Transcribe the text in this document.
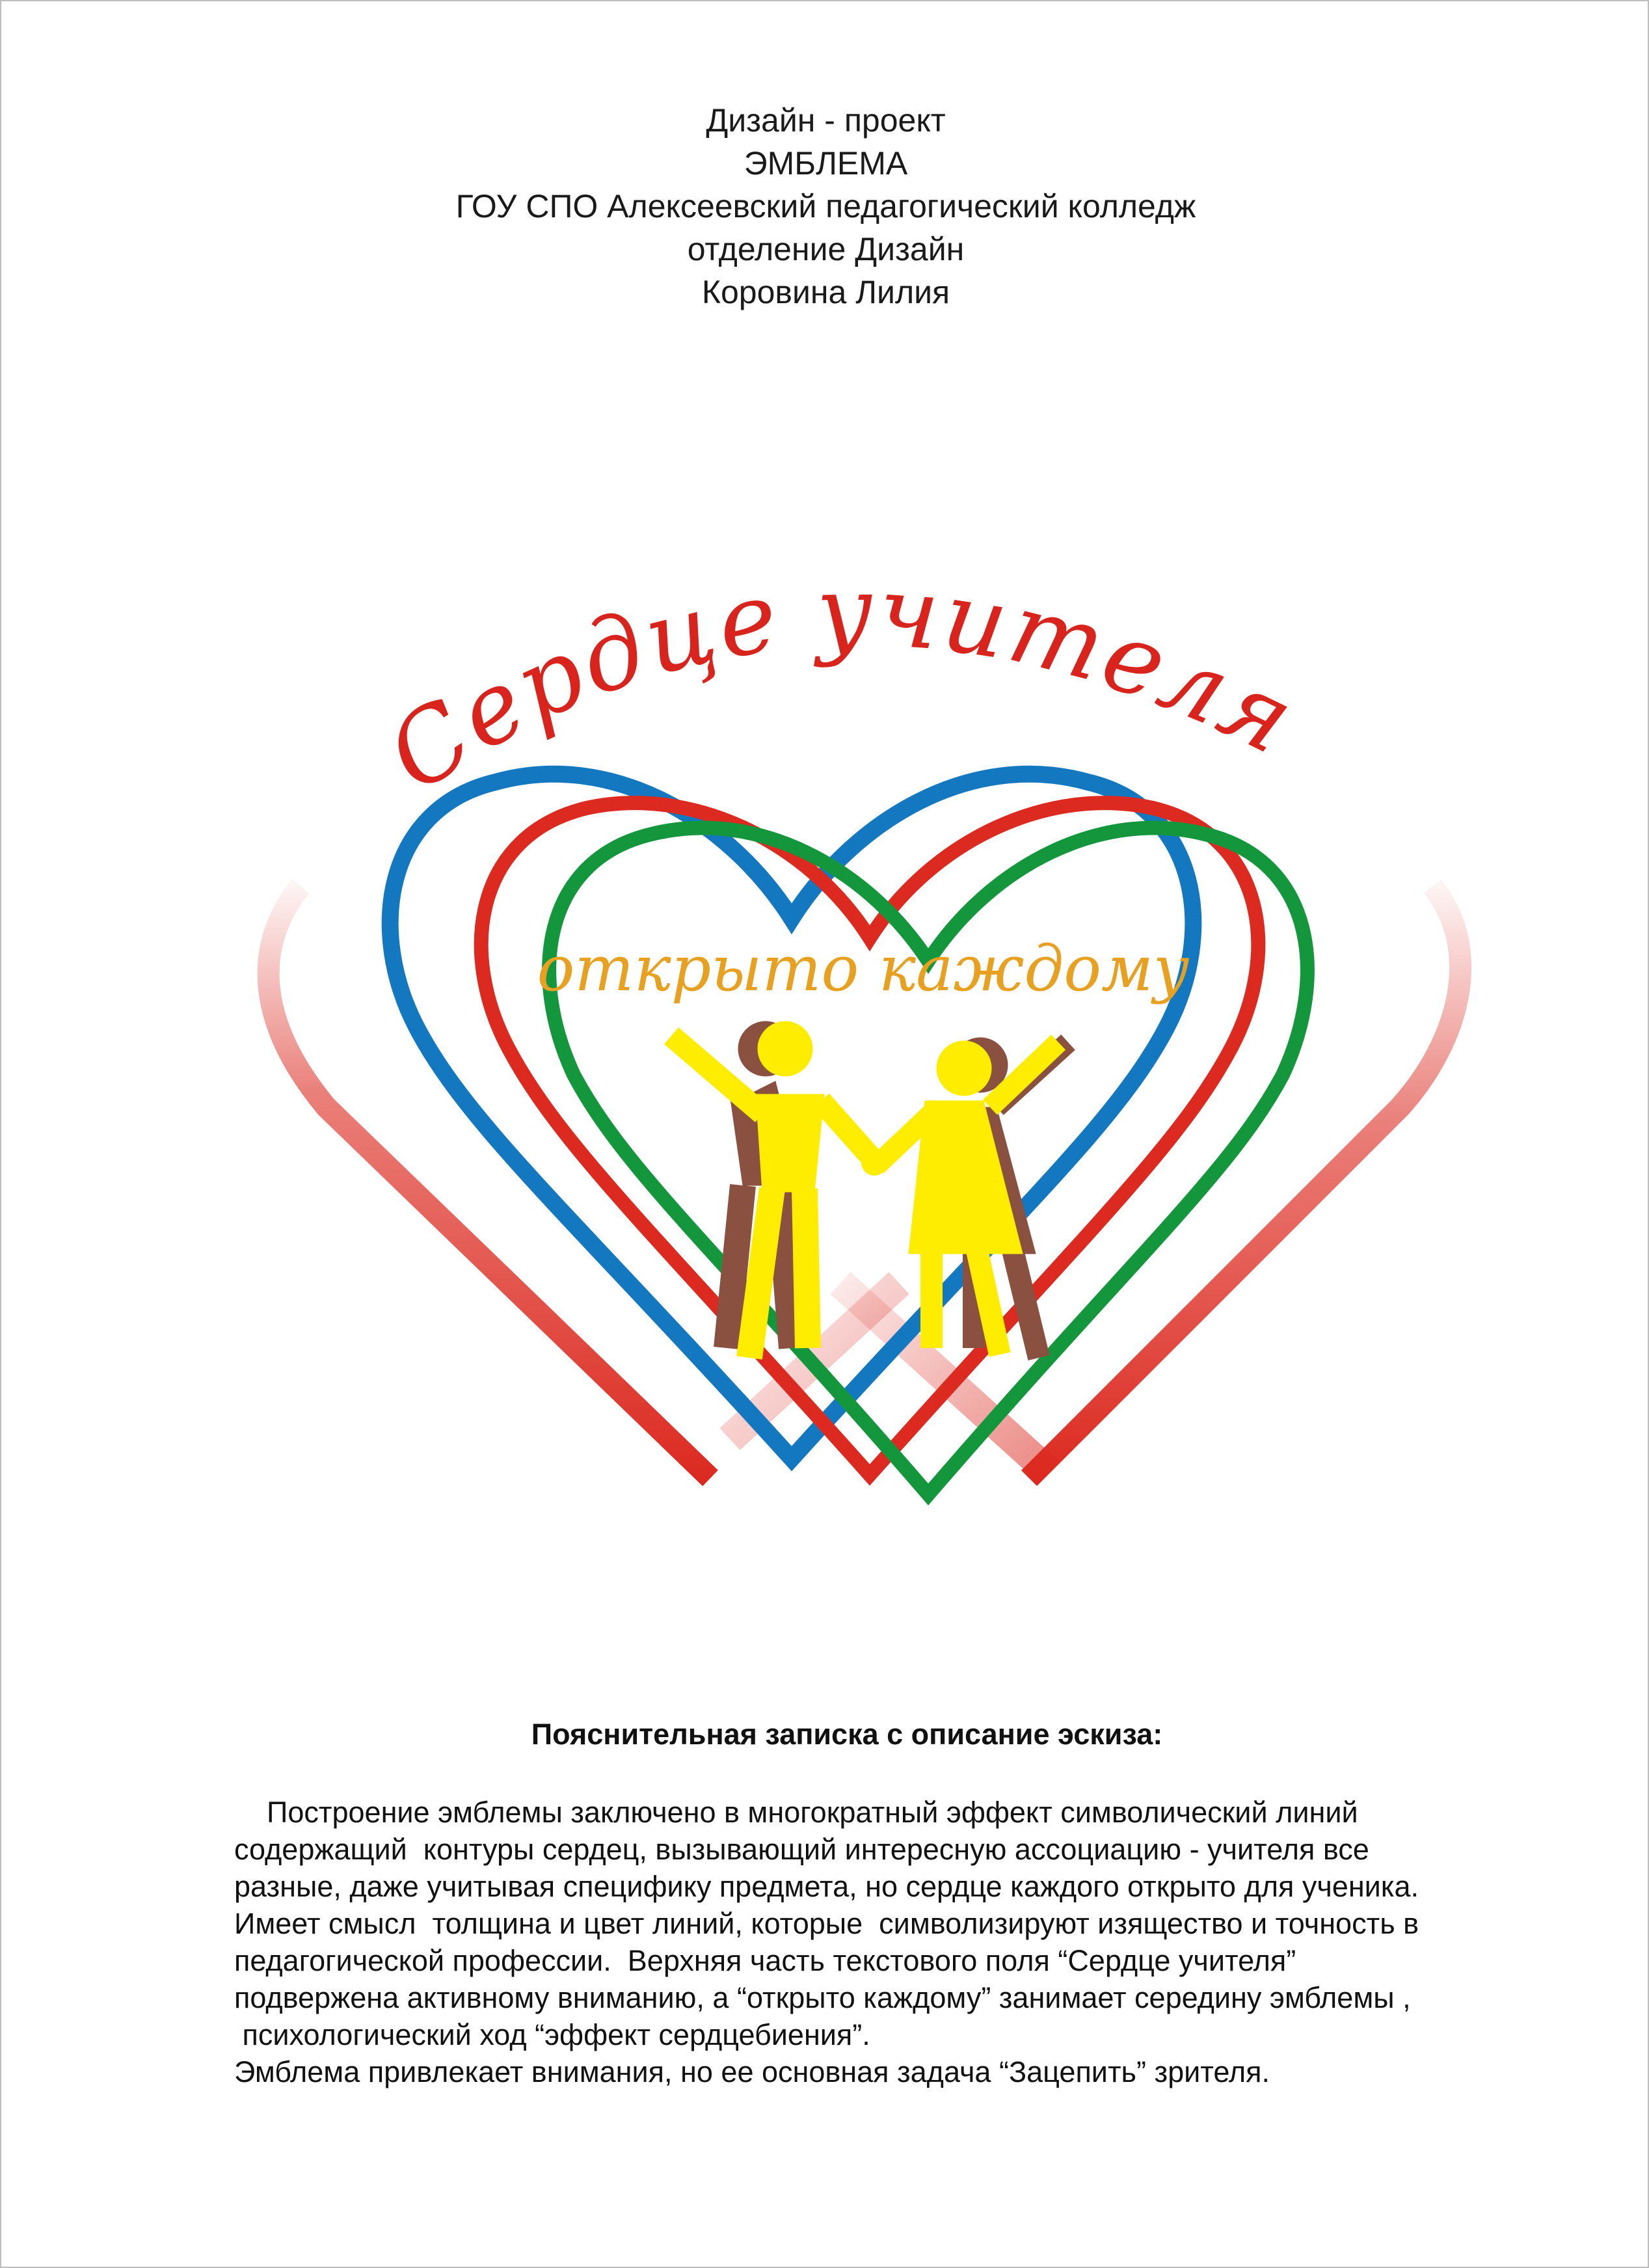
Дизайн - проект
ЭМБЛЕМА
ГОУ СПО Алексеевский педагогический колледж
отделение Дизайн
Коровина Лилия
Сердце учителя
открыто каждому
Пояснительная записка с описание эскиза:
Построение эмблемы заключено в многократный эффект символический линий
содержащий  контуры сердец, вызывающий интересную ассоциацию - учителя все
разные, даже учитывая специфику предмета, но сердце каждого открыто для ученика.
Имеет смысл  толщина и цвет линий, которые  символизируют изящество и точность в
педагогической профессии.  Верхняя часть текстового поля “Сердце учителя”
подвержена активному вниманию, а “открыто каждому” занимает середину эмблемы ,
психологический ход “эффект сердцебиения”.
Эмблема привлекает внимания, но ее основная задача “Зацепить” зрителя.
